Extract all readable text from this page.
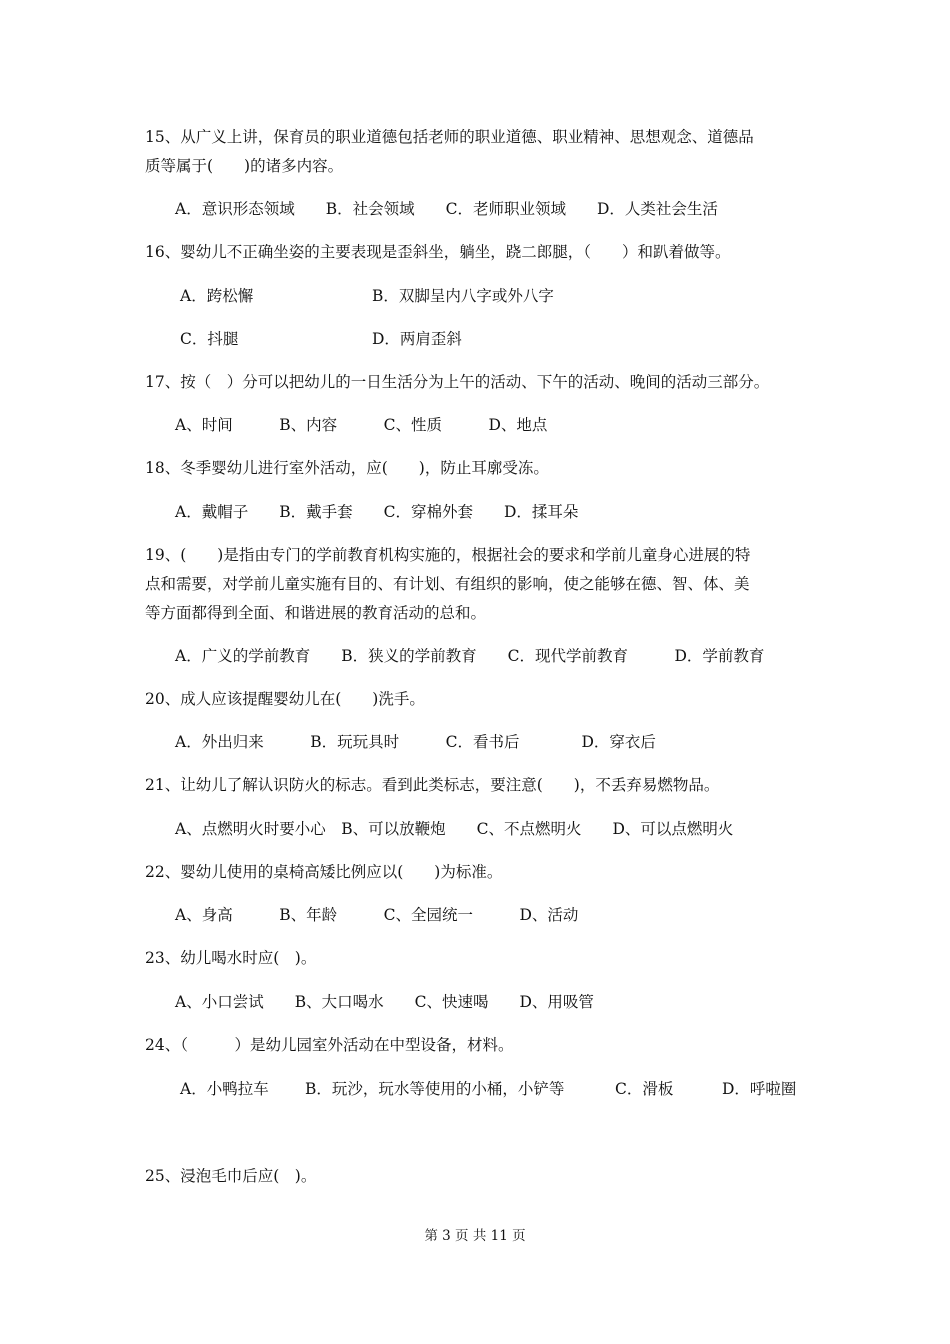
15、从广义上讲，保育员的职业道德包括老师的职业道德、职业精神、思想观念、道德品
质等属于(　　)的诸多内容。
A．意识形态领域　　B．社会领域　　C．老师职业领域　　D．人类社会生活
16、婴幼儿不正确坐姿的主要表现是歪斜坐，躺坐，跷二郎腿，（　　）和趴着做等。
A．跨松懈	B．双脚呈内八字或外八字
C．抖腿	D．两肩歪斜
17、按（　）分可以把幼儿的一日生活分为上午的活动、下午的活动、晚间的活动三部分。
A、时间　　　B、内容　　　C、性质　　　D、地点
18、冬季婴幼儿进行室外活动，应(　　)，防止耳廓受冻。
A．戴帽子　　B．戴手套　　C．穿棉外套　　D．揉耳朵
19、(　　)是指由专门的学前教育机构实施的，根据社会的要求和学前儿童身心进展的特
点和需要，对学前儿童实施有目的、有计划、有组织的影响，使之能够在德、智、体、美
等方面都得到全面、和谐进展的教育活动的总和。
A．广义的学前教育　　B．狭义的学前教育　　C．现代学前教育　　　D．学前教育
20、成人应该提醒婴幼儿在(　　)洗手。
A．外出归来　　　B．玩玩具时　　　C．看书后　　　　D．穿衣后
21、让幼儿了解认识防火的标志。看到此类标志，要注意(　　)，不丢弃易燃物品。
A、点燃明火时要小心　B、可以放鞭炮　　C、不点燃明火　　D、可以点燃明火
22、婴幼儿使用的桌椅高矮比例应以(　　)为标准。
A、身高　　　B、年龄　　　C、全园统一　　　D、活动
23、幼儿喝水时应(　)。
A、小口尝试　　B、大口喝水　　C、快速喝　　D、用吸管
24、（　　　）是幼儿园室外活动在中型设备，材料。
A．小鸭拉车 B．玩沙，玩水等使用的小桶，小铲等	C．滑板	D．呼啦圈
25、浸泡毛巾后应(　)。
第 3 页 共 11 页
